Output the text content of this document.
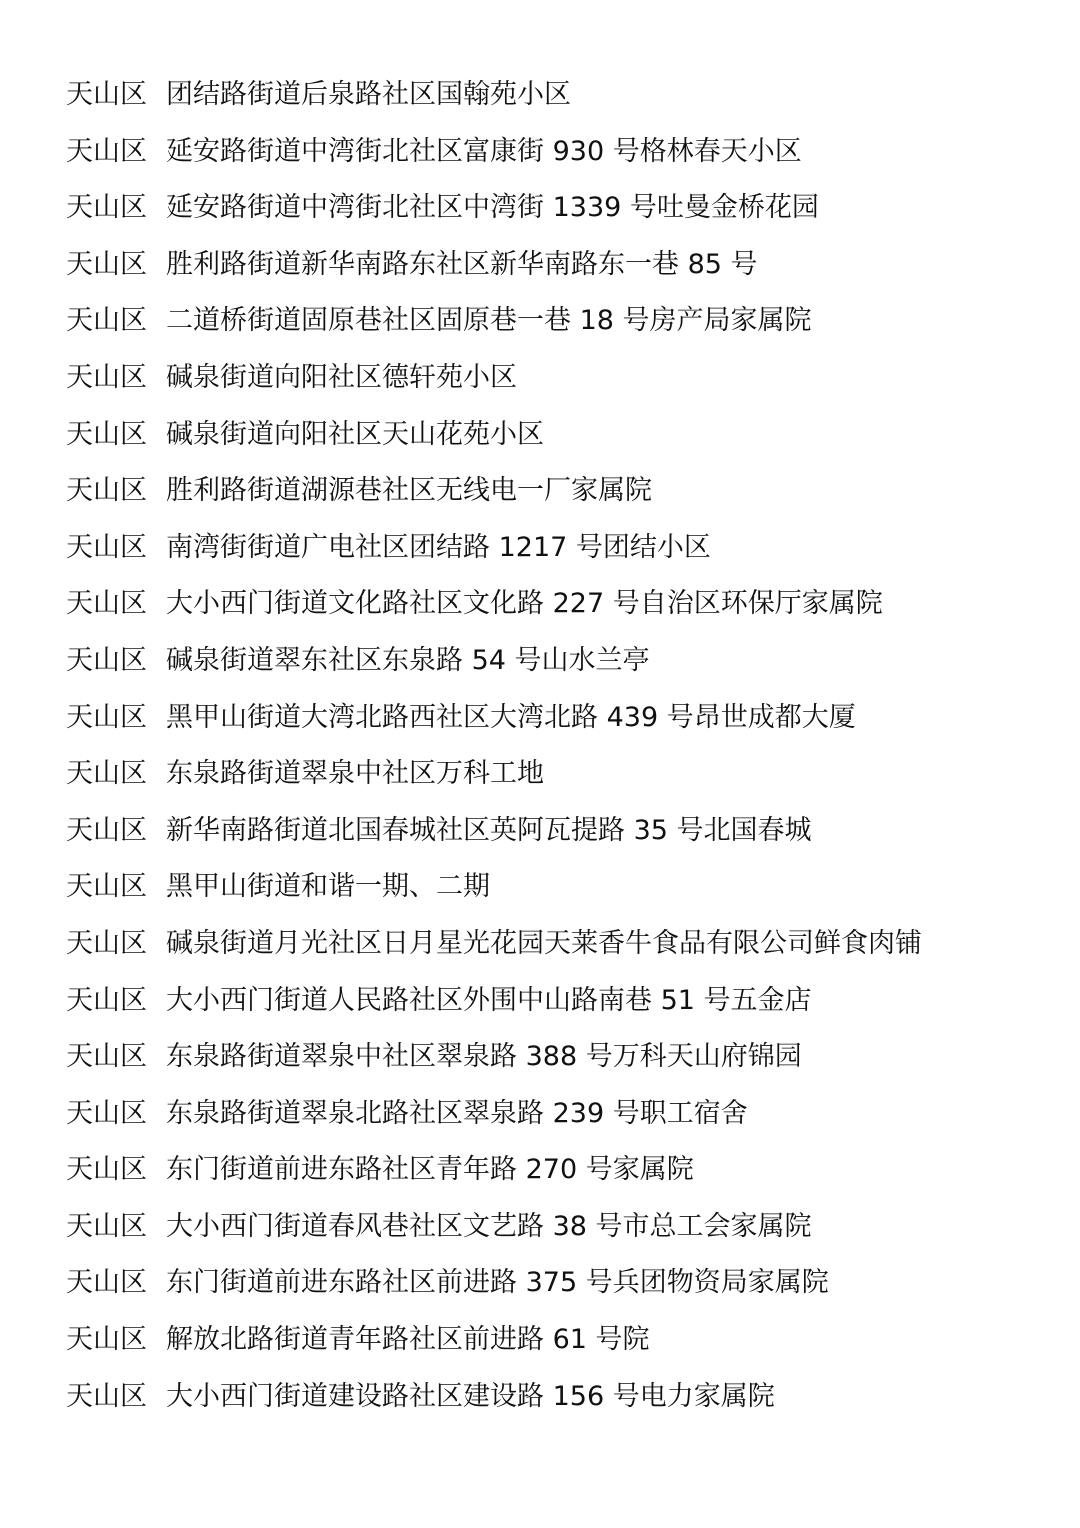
天山区 团结路街道后泉路社区国翰苑小区
天山区 延安路街道中湾街北社区富康街 930 号格林春天小区
天山区 延安路街道中湾街北社区中湾街 1339 号吐曼金桥花园
天山区 胜利路街道新华南路东社区新华南路东一巷 85 号
天山区 二道桥街道固原巷社区固原巷一巷 18 号房产局家属院
天山区 碱泉街道向阳社区德轩苑小区
天山区 碱泉街道向阳社区天山花苑小区
天山区 胜利路街道湖源巷社区无线电一厂家属院
天山区 南湾街街道广电社区团结路 1217 号团结小区
天山区 大小西门街道文化路社区文化路 227 号自治区环保厅家属院
天山区 碱泉街道翠东社区东泉路 54 号山水兰亭
天山区 黑甲山街道大湾北路西社区大湾北路 439 号昂世成都大厦
天山区 东泉路街道翠泉中社区万科工地
天山区 新华南路街道北国春城社区英阿瓦提路 35 号北国春城
天山区 黑甲山街道和谐一期、二期
天山区 碱泉街道月光社区日月星光花园天莱香牛食品有限公司鲜食肉铺
天山区 大小西门街道人民路社区外围中山路南巷 51 号五金店
天山区 东泉路街道翠泉中社区翠泉路 388 号万科天山府锦园
天山区 东泉路街道翠泉北路社区翠泉路 239 号职工宿舍
天山区 东门街道前进东路社区青年路 270 号家属院
天山区 大小西门街道春风巷社区文艺路 38 号市总工会家属院
天山区 东门街道前进东路社区前进路 375 号兵团物资局家属院
天山区 解放北路街道青年路社区前进路 61 号院
天山区 大小西门街道建设路社区建设路 156 号电力家属院
